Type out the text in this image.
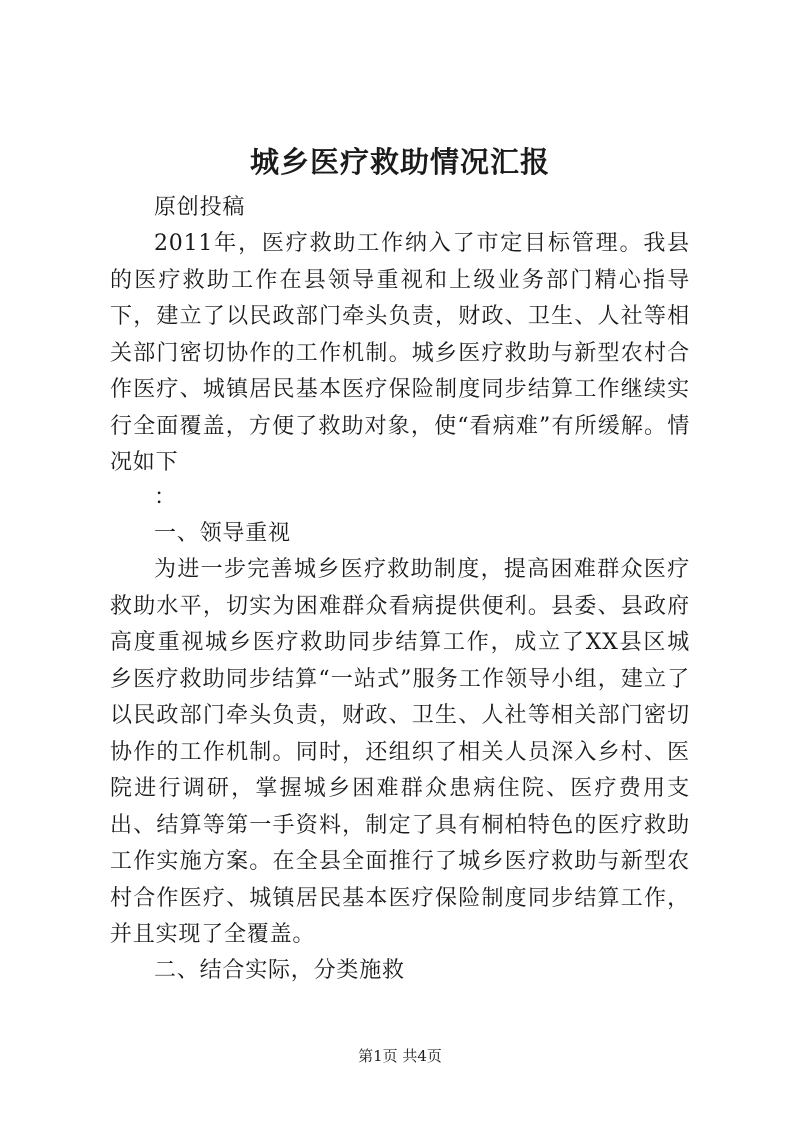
城乡医疗救助情况汇报

原创投稿

2011年，医疗救助工作纳入了市定目标管理。我县的医疗救助工作在县领导重视和上级业务部门精心指导下，建立了以民政部门牵头负责，财政、卫生、人社等相关部门密切协作的工作机制。城乡医疗救助与新型农村合作医疗、城镇居民基本医疗保险制度同步结算工作继续实行全面覆盖，方便了救助对象，使“看病难”有所缓解。情况如下

：

一、领导重视

为进一步完善城乡医疗救助制度，提高困难群众医疗救助水平，切实为困难群众看病提供便利。县委、县政府高度重视城乡医疗救助同步结算工作，成立了XX县区城乡医疗救助同步结算“一站式”服务工作领导小组，建立了以民政部门牵头负责，财政、卫生、人社等相关部门密切协作的工作机制。同时，还组织了相关人员深入乡村、医院进行调研，掌握城乡困难群众患病住院、医疗费用支出、结算等第一手资料，制定了具有桐柏特色的医疗救助工作实施方案。在全县全面推行了城乡医疗救助与新型农村合作医疗、城镇居民基本医疗保险制度同步结算工作，并且实现了全覆盖。

二、结合实际，分类施救

第1页 共4页
